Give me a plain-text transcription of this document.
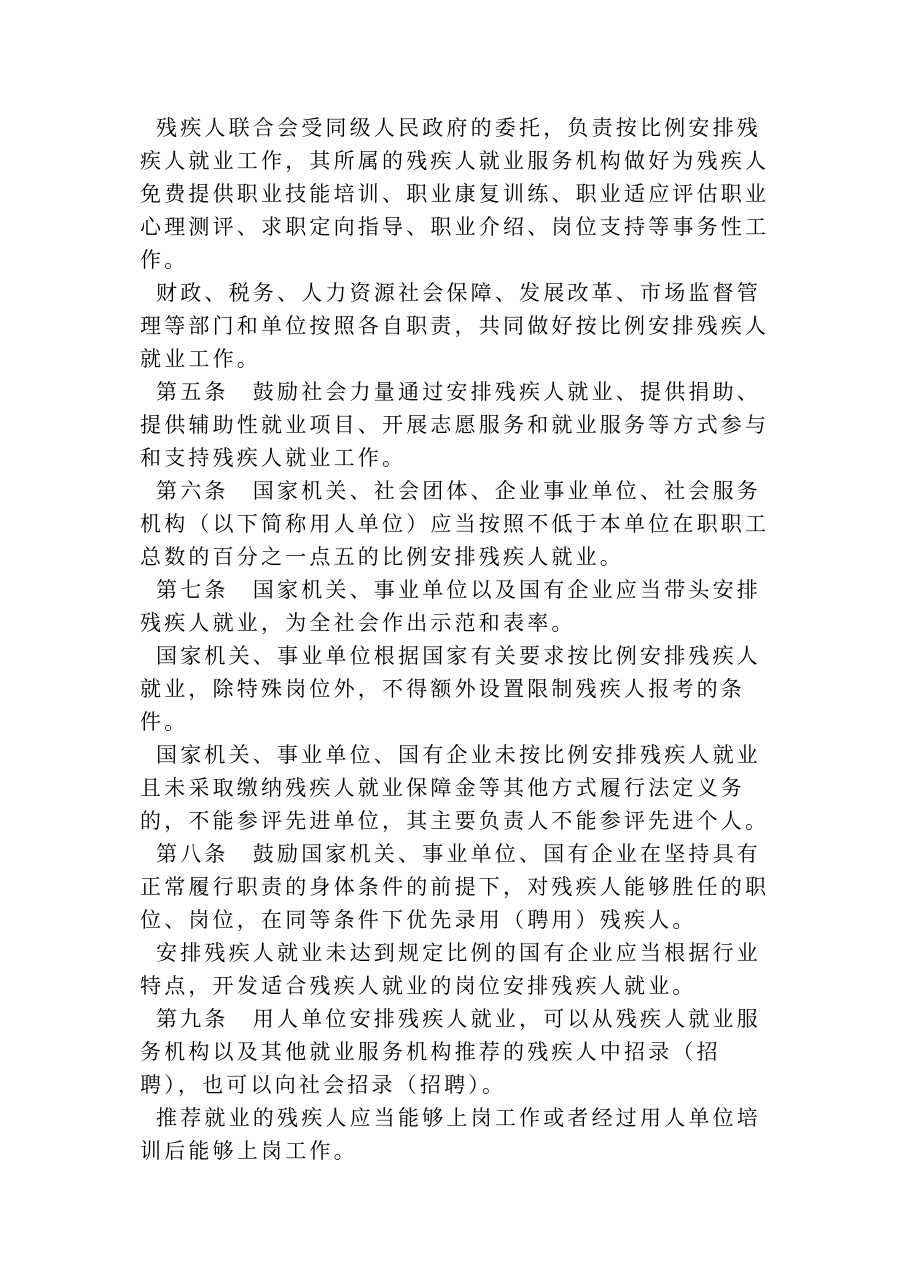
残疾人联合会受同级人民政府的委托，负责按比例安排残疾人就业工作，其所属的残疾人就业服务机构做好为残疾人免费提供职业技能培训、职业康复训练、职业适应评估职业心理测评、求职定向指导、职业介绍、岗位支持等事务性工作。

财政、税务、人力资源社会保障、发展改革、市场监督管理等部门和单位按照各自职责，共同做好按比例安排残疾人就业工作。

第五条　鼓励社会力量通过安排残疾人就业、提供捐助、提供辅助性就业项目、开展志愿服务和就业服务等方式参与和支持残疾人就业工作。

第六条　国家机关、社会团体、企业事业单位、社会服务机构（以下简称用人单位）应当按照不低于本单位在职职工总数的百分之一点五的比例安排残疾人就业。

第七条　国家机关、事业单位以及国有企业应当带头安排残疾人就业，为全社会作出示范和表率。

国家机关、事业单位根据国家有关要求按比例安排残疾人就业，除特殊岗位外，不得额外设置限制残疾人报考的条件。

国家机关、事业单位、国有企业未按比例安排残疾人就业且未采取缴纳残疾人就业保障金等其他方式履行法定义务的，不能参评先进单位，其主要负责人不能参评先进个人。

第八条　鼓励国家机关、事业单位、国有企业在坚持具有正常履行职责的身体条件的前提下，对残疾人能够胜任的职位、岗位，在同等条件下优先录用（聘用）残疾人。

安排残疾人就业未达到规定比例的国有企业应当根据行业特点，开发适合残疾人就业的岗位安排残疾人就业。

第九条　用人单位安排残疾人就业，可以从残疾人就业服务机构以及其他就业服务机构推荐的残疾人中招录（招聘），也可以向社会招录（招聘）。

推荐就业的残疾人应当能够上岗工作或者经过用人单位培训后能够上岗工作。
